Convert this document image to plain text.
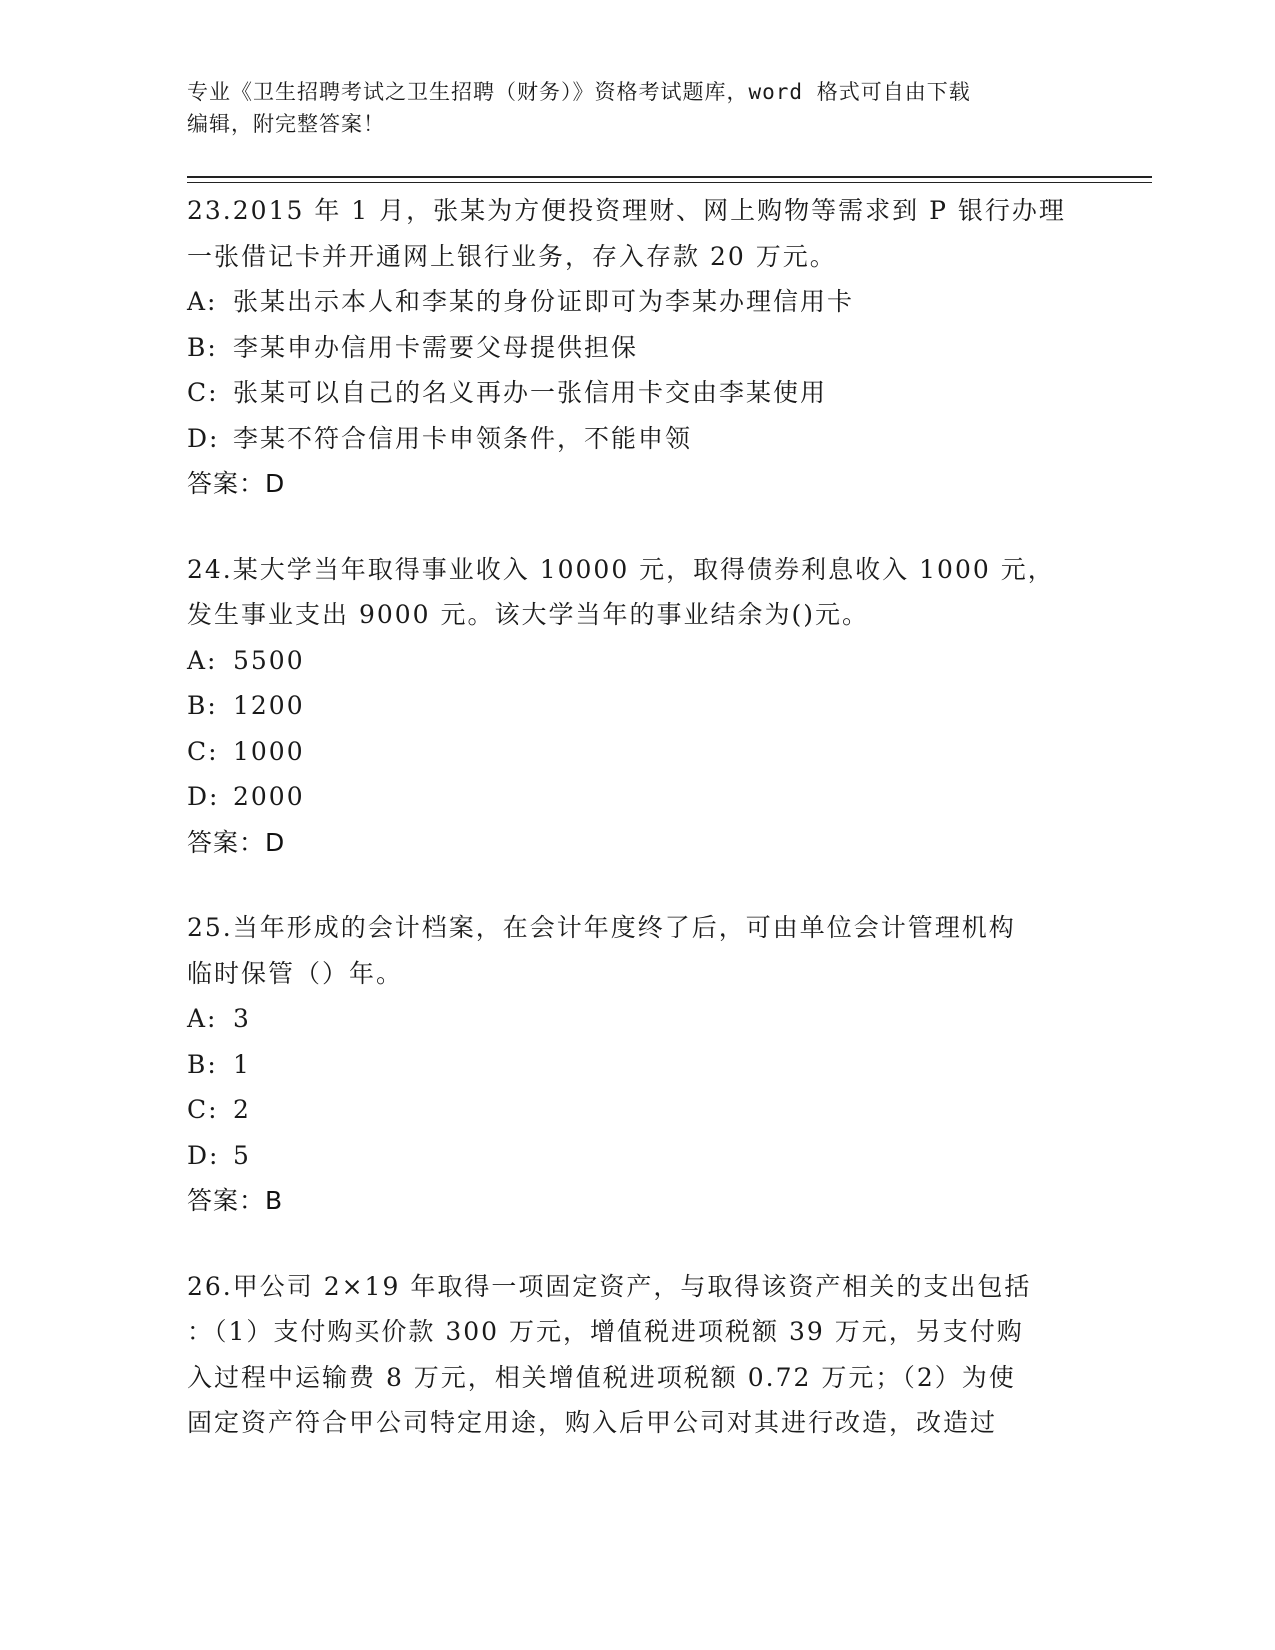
专业《卫生招聘考试之卫生招聘（财务）》资格考试题库，word 格式可自由下载
编辑，附完整答案！
23.2015 年 1 月，张某为方便投资理财、网上购物等需求到 P 银行办理
一张借记卡并开通网上银行业务，存入存款 20 万元。
A: 张某出示本人和李某的身份证即可为李某办理信用卡
B: 李某申办信用卡需要父母提供担保
C: 张某可以自己的名义再办一张信用卡交由李某使用
D: 李某不符合信用卡申领条件，不能申领
答案：D
24.某大学当年取得事业收入 10000 元，取得债券利息收入 1000 元，
发生事业支出 9000 元。该大学当年的事业结余为()元。
A: 5500
B: 1200
C: 1000
D: 2000
答案：D
25.当年形成的会计档案，在会计年度终了后，可由单位会计管理机构
临时保管（）年。
A: 3
B: 1
C: 2
D: 5
答案：B
26.甲公司 2×19 年取得一项固定资产，与取得该资产相关的支出包括
：（1）支付购买价款 300 万元，增值税进项税额 39 万元，另支付购
入过程中运输费 8 万元，相关增值税进项税额 0.72 万元；（2）为使
固定资产符合甲公司特定用途，购入后甲公司对其进行改造，改造过
